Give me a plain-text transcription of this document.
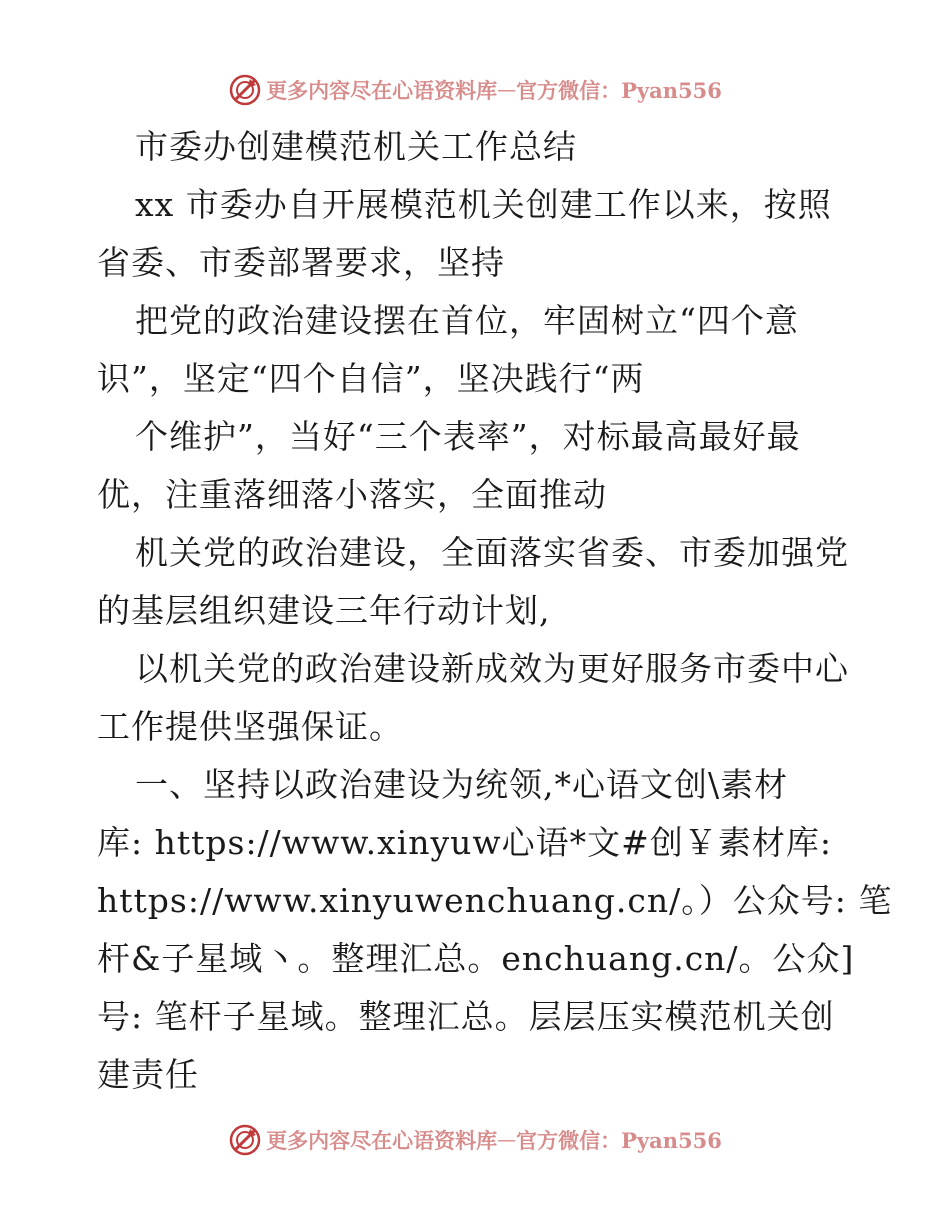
更多内容尽在心语资料库 — 官方微信：Pyan556
市委办创建模范机关工作总结
xx 市委办自开展模范机关创建工作以来，按照
省委、市委部署要求，坚持
把党的政治建设摆在首位，牢固树立“四个意
识”，坚定“四个自信”，坚决践行“两
个维护”，当好“三个表率”，对标最高最好最
优，注重落细落小落实，全面推动
机关党的政治建设，全面落实省委、市委加强党
的基层组织建设三年行动计划,
以机关党的政治建设新成效为更好服务市委中心
工作提供坚强保证。
一、坚持以政治建设为统领,*心语文创\素材
库: https://www.xinyuw心语*文#创￥素材库:
https://www.xinyuwenchuang.cn/。）公众号: 笔
杆&子星域丶。整理汇总。enchuang.cn/。公众]
号: 笔杆子星域。整理汇总。层层压实模范机关创
建责任
更多内容尽在心语资料库 — 官方微信：Pyan556
